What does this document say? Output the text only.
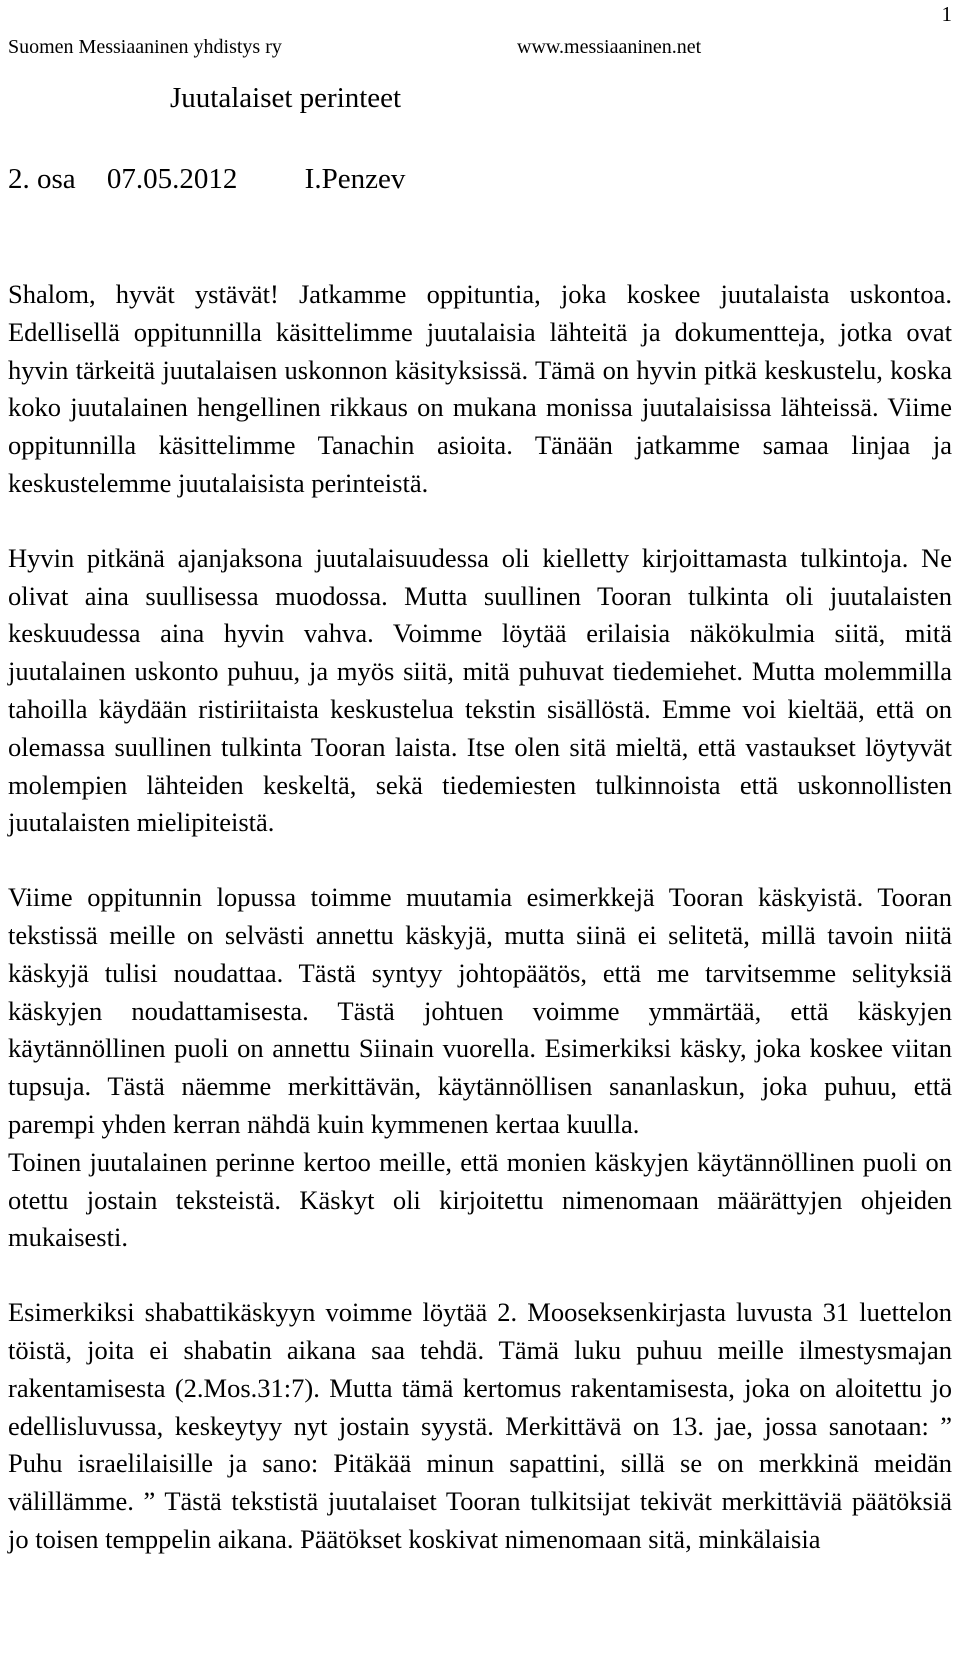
1
Suomen Messiaaninen yhdistys ry	www.messiaaninen.net
Juutalaiset perinteet
2. osa 07.05.2012 I.Penzev

Shalom, hyvät ystävät! Jatkamme oppituntia, joka koskee juutalaista uskontoa. Edellisellä oppitunnilla käsittelimme juutalaisia lähteitä ja dokumentteja, jotka ovat hyvin tärkeitä juutalaisen uskonnon käsityksissä. Tämä on hyvin pitkä keskustelu, koska koko juutalainen hengellinen rikkaus on mukana monissa juutalaisissa lähteissä. Viime oppitunnilla käsittelimme Tanachin asioita. Tänään jatkamme samaa linjaa ja keskustelemme juutalaisista perinteistä.

Hyvin pitkänä ajanjaksona juutalaisuudessa oli kielletty kirjoittamasta tulkintoja. Ne olivat aina suullisessa muodossa. Mutta suullinen Tooran tulkinta oli juutalaisten keskuudessa aina hyvin vahva. Voimme löytää erilaisia näkökulmia siitä, mitä juutalainen uskonto puhuu, ja myös siitä, mitä puhuvat tiedemiehet. Mutta molemmilla tahoilla käydään ristiriitaista keskustelua tekstin sisällöstä. Emme voi kieltää, että on olemassa suullinen tulkinta Tooran laista. Itse olen sitä mieltä, että vastaukset löytyvät molempien lähteiden keskeltä, sekä tiedemiesten tulkinnoista että uskonnollisten juutalaisten mielipiteistä.

Viime oppitunnin lopussa toimme muutamia esimerkkejä Tooran käskyistä. Tooran tekstissä meille on selvästi annettu käskyjä, mutta siinä ei selitetä, millä tavoin niitä käskyjä tulisi noudattaa. Tästä syntyy johtopäätös, että me tarvitsemme selityksiä käskyjen noudattamisesta. Tästä johtuen voimme ymmärtää, että käskyjen käytännöllinen puoli on annettu Siinain vuorella. Esimerkiksi käsky, joka koskee viitan tupsuja. Tästä näemme merkittävän, käytännöllisen sananlaskun, joka puhuu, että parempi yhden kerran nähdä kuin kymmenen kertaa kuulla.

Toinen juutalainen perinne kertoo meille, että monien käskyjen käytännöllinen puoli on otettu jostain teksteistä. Käskyt oli kirjoitettu nimenomaan määrättyjen ohjeiden mukaisesti.

Esimerkiksi shabattikäskyyn voimme löytää 2. Mooseksenkirjasta luvusta 31 luettelon töistä, joita ei shabatin aikana saa tehdä. Tämä luku puhuu meille ilmestysmajan rakentamisesta (2.Mos.31:7). Mutta tämä kertomus rakentamisesta, joka on aloitettu jo edellisluvussa, keskeytyy nyt jostain syystä. Merkittävä on 13. jae, jossa sanotaan: ” Puhu israelilaisille ja sano: Pitäkää minun sapattini, sillä se on merkkinä meidän välillämme. ” Tästä tekstistä juutalaiset Tooran tulkitsijat tekivät merkittäviä päätöksiä jo toisen temppelin aikana. Päätökset koskivat nimenomaan sitä, minkälaisia
